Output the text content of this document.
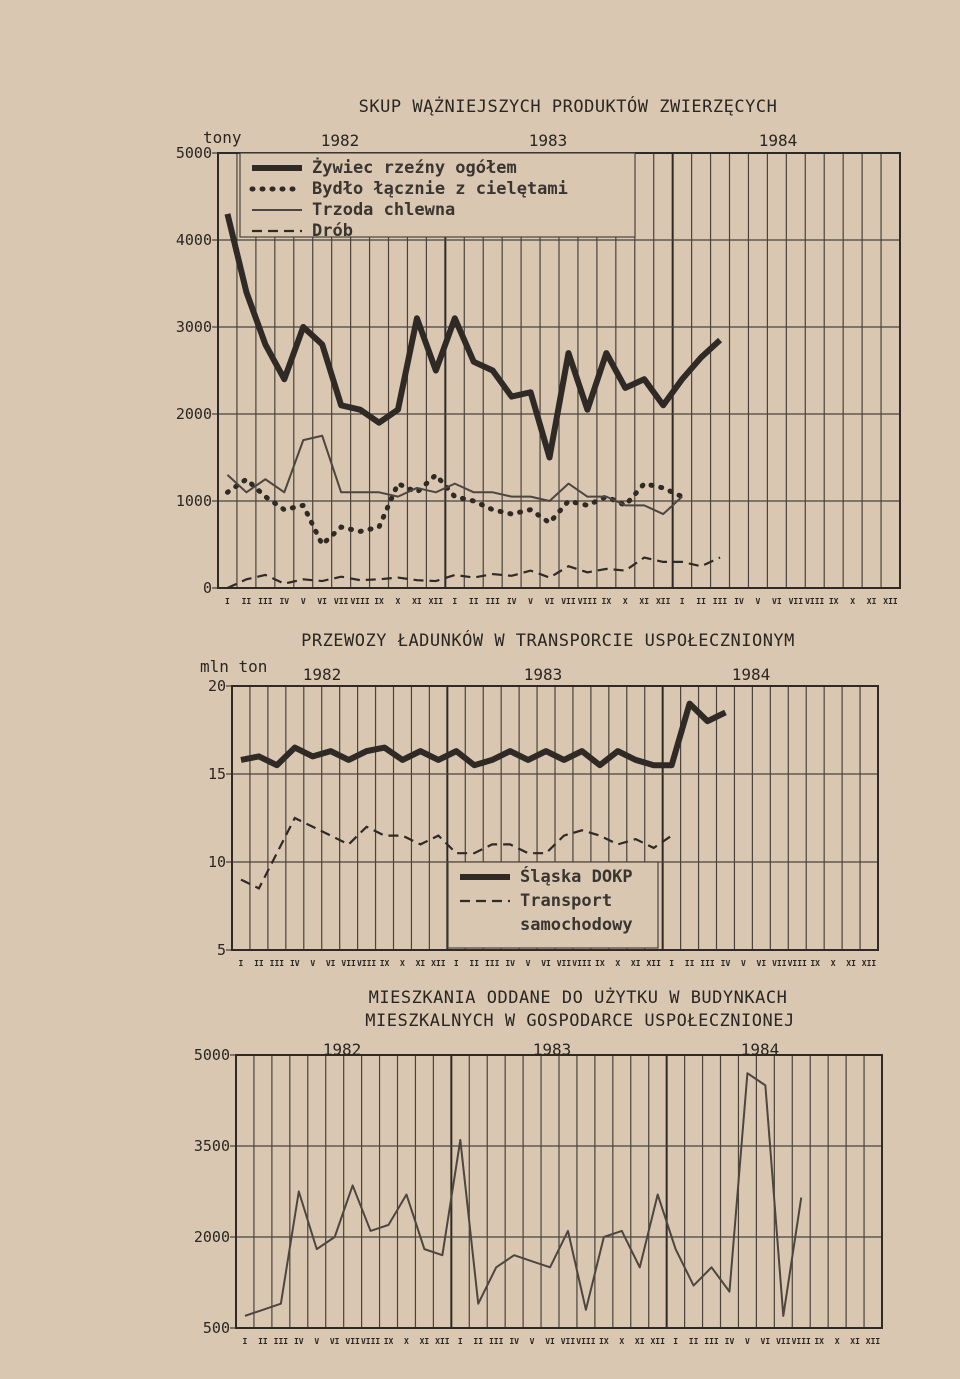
SKUP WĄŻNIEJSZYCH PRODUKTÓW ZWIERZĘCYCH
tony
0
1000
2000
3000
4000
5000
1982	1983	1984
I II III IV V VI VII VIII IX X XI XII I II III IV V VI VII VIII IX X XI XII I II III IV V VI VII VIII IX X XI XII
Żywiec rzeźny ogółem
Bydło łącznie z cielętami
Trzoda chlewna
Drób
PRZEWOZY ŁADUNKÓW W TRANSPORCIE USPOŁECZNIONYM
mln ton
5
10
15
20
1982	1983	1984
I II III IV V VI VII VIII IX X XI XII I II III IV V VI VII VIII IX X XI XII I II III IV V VI VII VIII IX X XI XII
Śląska DOKP
Transport
samochodowy
MIESZKANIA ODDANE DO UŻYTKU W BUDYNKACH
MIESZKALNYCH W GOSPODARCE USPOŁECZNIONEJ
500
2000
3500
5000	1982	1983	1984
I II III IV V VI VII VIII IX X XI XII I II III IV V VI VII VIII IX X XI XII I II III IV V VI VII VIII IX X XI XII
